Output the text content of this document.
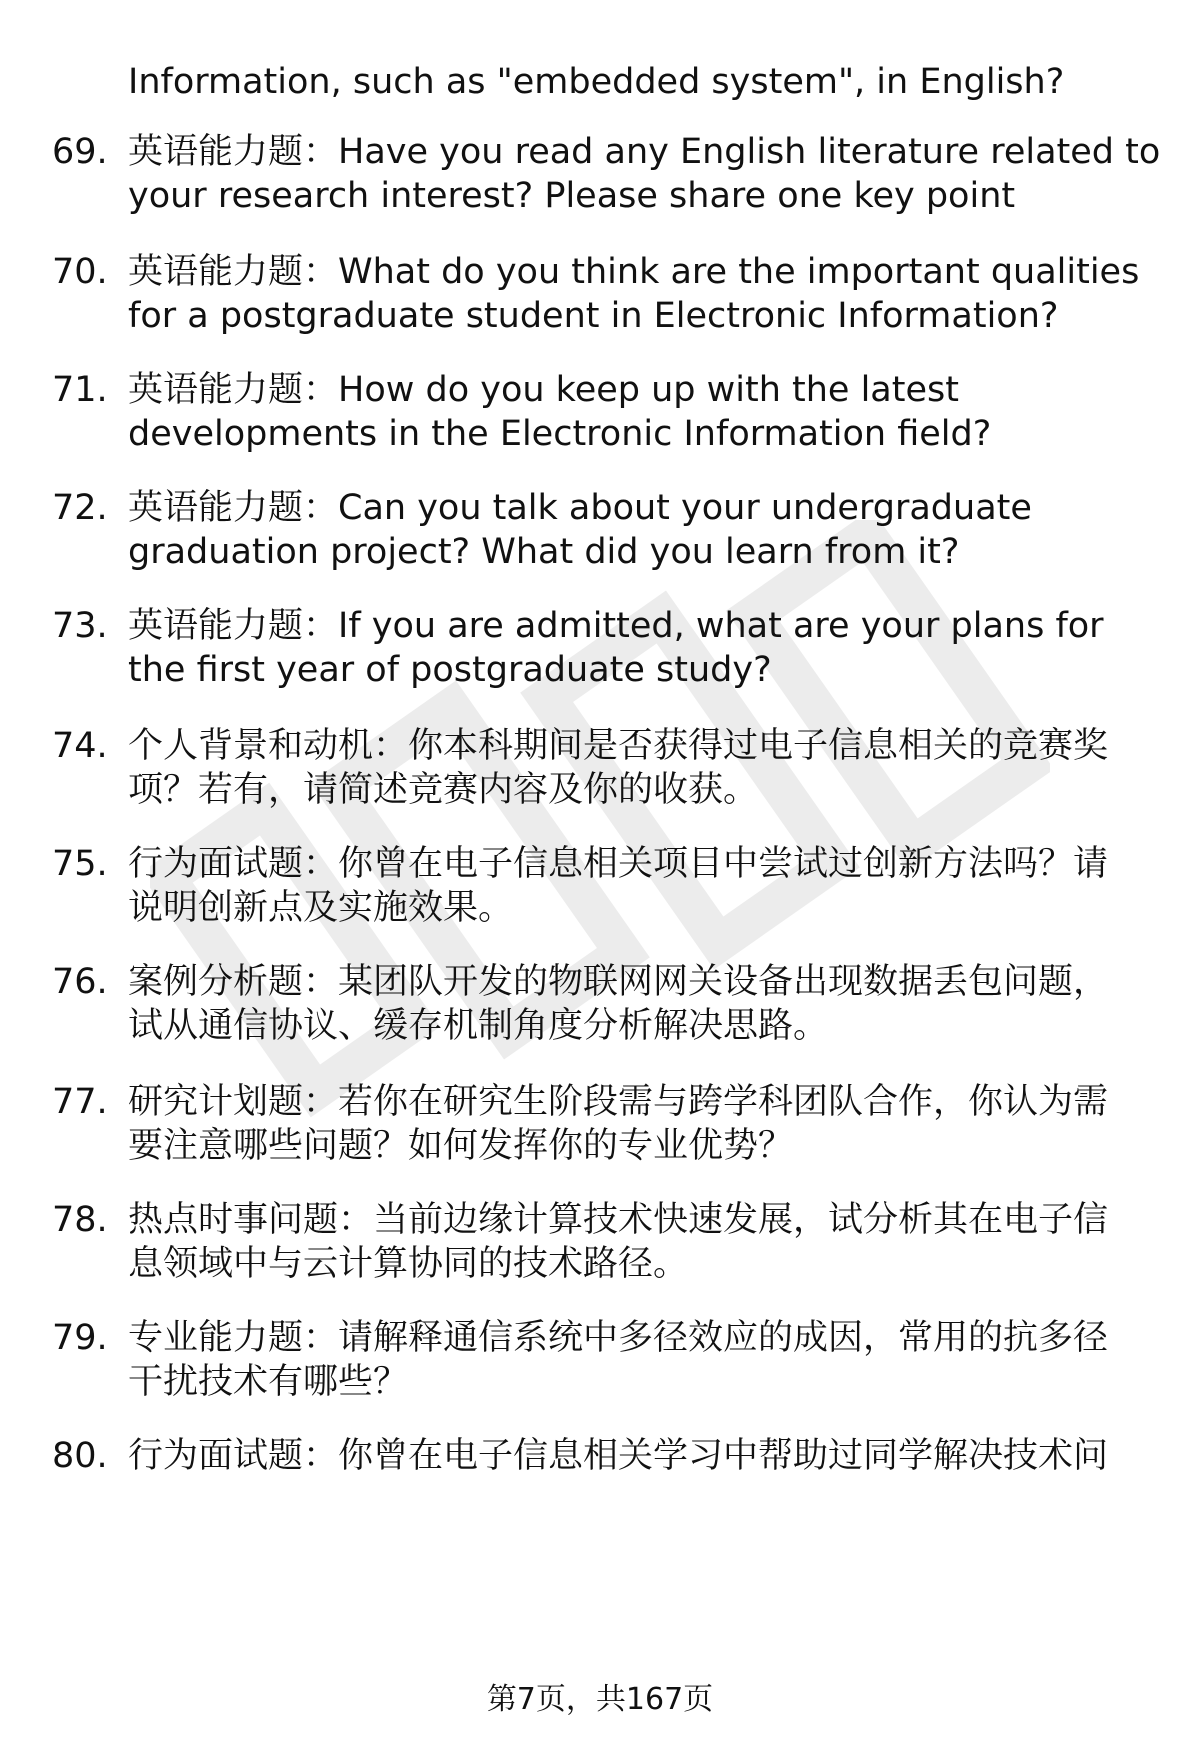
Information, such as "embedded system", in English?
69. 英语能力题：Have you read any English literature related to
your research interest? Please share one key point
70. 英语能力题：What do you think are the important qualities
for a postgraduate student in Electronic Information?
71. 英语能力题：How do you keep up with the latest
developments in the Electronic Information field?
72. 英语能力题：Can you talk about your undergraduate
graduation project? What did you learn from it?
73. 英语能力题：If you are admitted, what are your plans for
the first year of postgraduate study?
74. 个人背景和动机：你本科期间是否获得过电子信息相关的竞赛奖
项？若有，请简述竞赛内容及你的收获。
75. 行为面试题：你曾在电子信息相关项目中尝试过创新方法吗？请
说明创新点及实施效果。
76. 案例分析题：某团队开发的物联网网关设备出现数据丢包问题，
试从通信协议、缓存机制角度分析解决思路。
77. 研究计划题：若你在研究生阶段需与跨学科团队合作，你认为需
要注意哪些问题？如何发挥你的专业优势？
78. 热点时事问题：当前边缘计算技术快速发展，试分析其在电子信
息领域中与云计算协同的技术路径。
79. 专业能力题：请解释通信系统中多径效应的成因，常用的抗多径
干扰技术有哪些？
80. 行为面试题：你曾在电子信息相关学习中帮助过同学解决技术问
第7页，共167页
